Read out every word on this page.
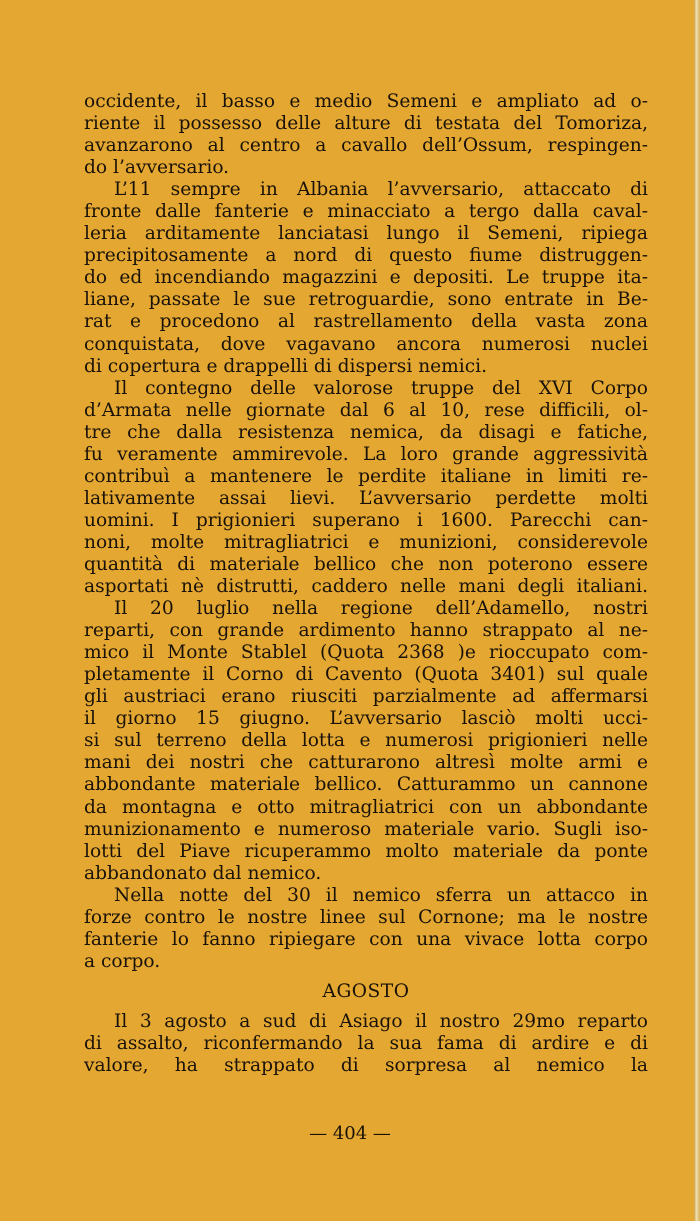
occidente, il basso e medio Semeni e ampliato ad o-
riente il possesso delle alture di testata del Tomoriza,
avanzarono al centro a cavallo dell’Ossum, respingen-
do l’avversario.
L’11 sempre in Albania l’avversario, attaccato di
fronte dalle fanterie e minacciato a tergo dalla caval-
leria arditamente lanciatasi lungo il Semeni, ripiega
precipitosamente a nord di questo fiume distruggen-
do ed incendiando magazzini e depositi. Le truppe ita-
liane, passate le sue retroguardie, sono entrate in Be-
rat e procedono al rastrellamento della vasta zona
conquistata, dove vagavano ancora numerosi nuclei
di copertura e drappelli di dispersi nemici.
Il contegno delle valorose truppe del XVI Corpo
d’Armata nelle giornate dal 6 al 10, rese difficili, ol-
tre che dalla resistenza nemica, da disagi e fatiche,
fu veramente ammirevole. La loro grande aggressività
contribuì a mantenere le perdite italiane in limiti re-
lativamente assai lievi. L’avversario perdette molti
uomini. I prigionieri superano i 1600. Parecchi can-
noni, molte mitragliatrici e munizioni, considerevole
quantità di materiale bellico che non poterono essere
asportati nè distrutti, caddero nelle mani degli italiani.
Il 20 luglio nella regione dell’Adamello, nostri
reparti, con grande ardimento hanno strappato al ne-
mico il Monte Stablel (Quota 2368 )e rioccupato com-
pletamente il Corno di Cavento (Quota 3401) sul quale
gli austriaci erano riusciti parzialmente ad affermarsi
il giorno 15 giugno. L’avversario lasciò molti ucci-
si sul terreno della lotta e numerosi prigionieri nelle
mani dei nostri che catturarono altresì molte armi e
abbondante materiale bellico. Catturammo un cannone
da montagna e otto mitragliatrici con un abbondante
munizionamento e numeroso materiale vario. Sugli iso-
lotti del Piave ricuperammo molto materiale da ponte
abbandonato dal nemico.
Nella notte del 30 il nemico sferra un attacco in
forze contro le nostre linee sul Cornone; ma le nostre
fanterie lo fanno ripiegare con una vivace lotta corpo
a corpo.
AGOSTO
Il 3 agosto a sud di Asiago il nostro 29mo reparto
di assalto, riconfermando la sua fama di ardire e di
valore, ha strappato di sorpresa al nemico la
— 404 —
